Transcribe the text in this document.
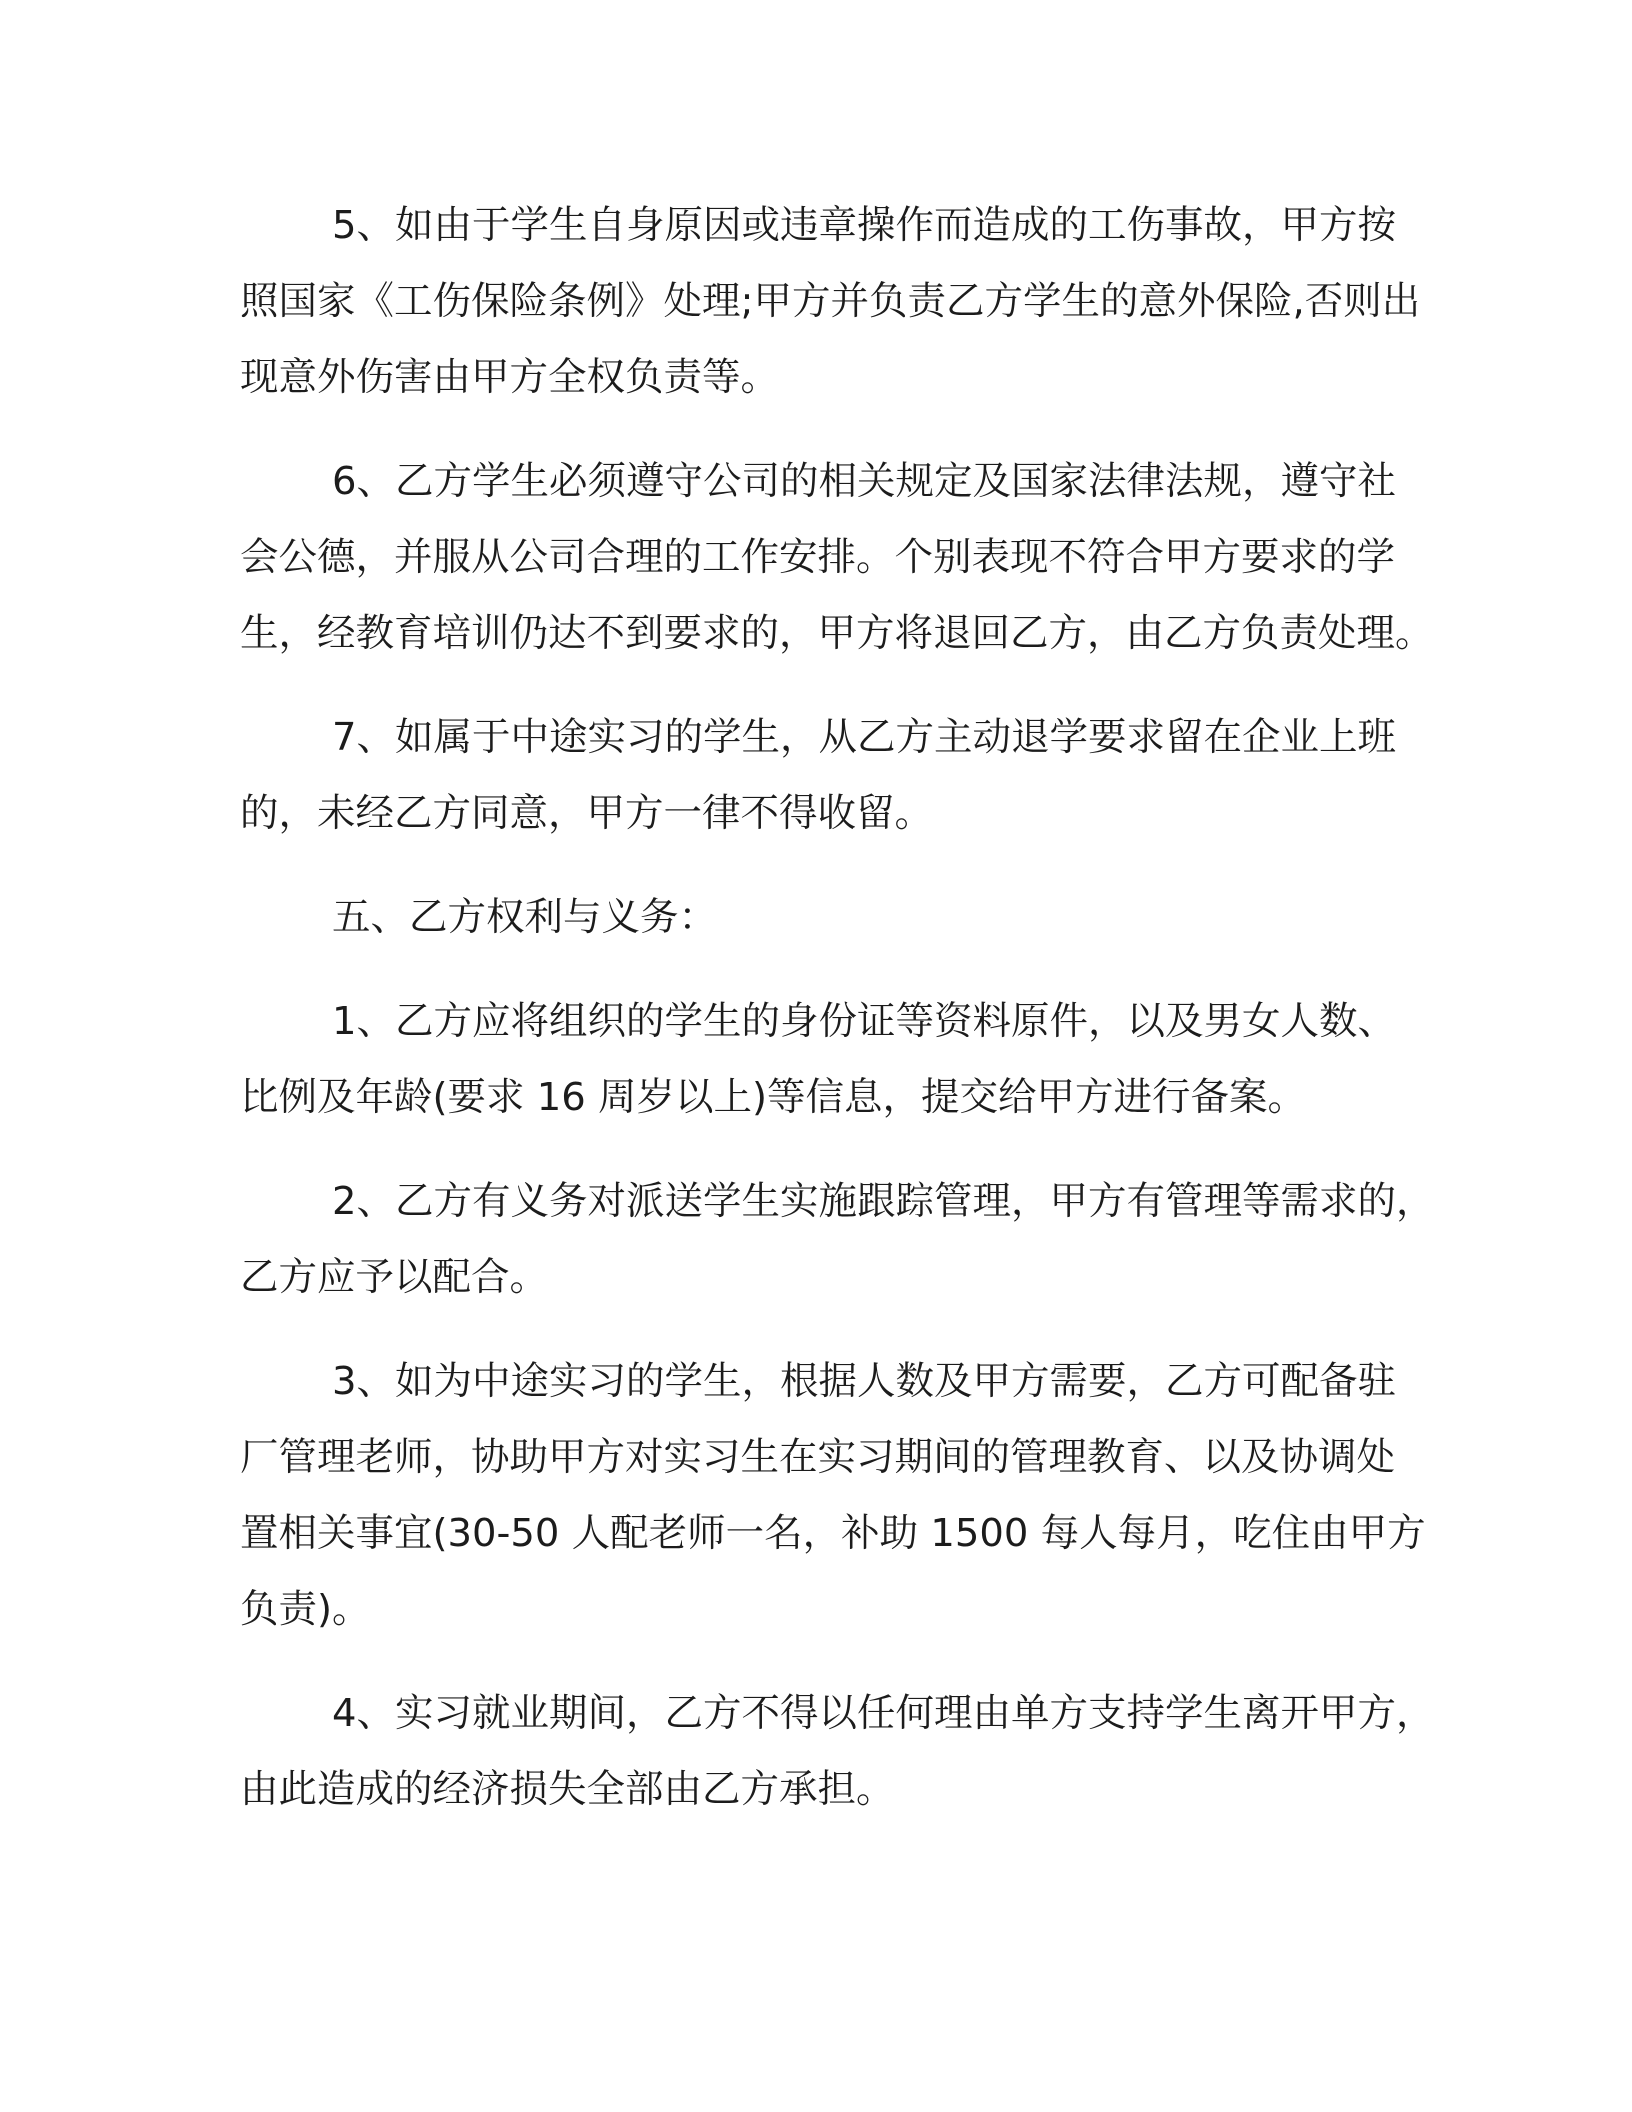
5、如由于学生自身原因或违章操作而造成的工伤事故，甲方按
照国家《工伤保险条例》处理;甲方并负责乙方学生的意外保险,否则出
现意外伤害由甲方全权负责等。

6、乙方学生必须遵守公司的相关规定及国家法律法规，遵守社
会公德，并服从公司合理的工作安排。个别表现不符合甲方要求的学
生，经教育培训仍达不到要求的，甲方将退回乙方，由乙方负责处理。

7、如属于中途实习的学生，从乙方主动退学要求留在企业上班
的，未经乙方同意，甲方一律不得收留。

五、乙方权利与义务：

1、乙方应将组织的学生的身份证等资料原件，以及男女人数、
比例及年龄(要求 16 周岁以上)等信息，提交给甲方进行备案。

2、乙方有义务对派送学生实施跟踪管理，甲方有管理等需求的，
乙方应予以配合。

3、如为中途实习的学生，根据人数及甲方需要，乙方可配备驻
厂管理老师，协助甲方对实习生在实习期间的管理教育、以及协调处
置相关事宜(30-50 人配老师一名，补助 1500 每人每月，吃住由甲方
负责)。

4、实习就业期间，乙方不得以任何理由单方支持学生离开甲方，
由此造成的经济损失全部由乙方承担。
